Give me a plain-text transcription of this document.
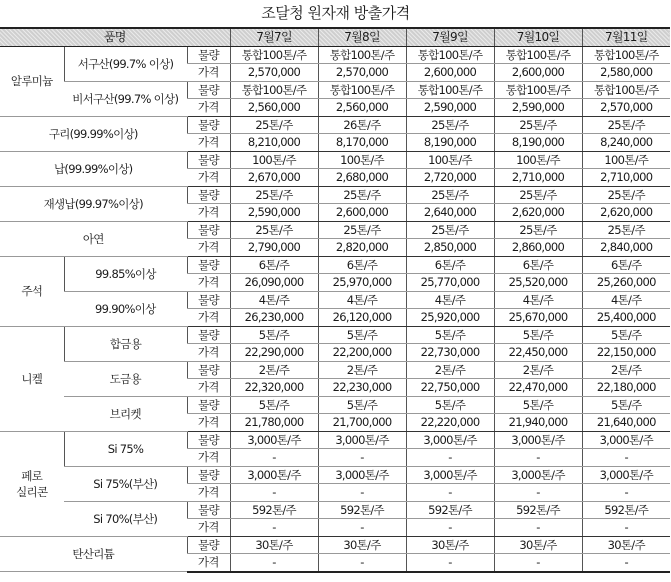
조달청 원자재 방출가격
품명			7월7일	7월8일	7월9일	7월10일	7월11일
알루미늄	서구산(99.7% 이상)	물량	통합100톤/주	통합100톤/주	통합100톤/주	통합100톤/주	통합100톤/주
		가격	2,570,000	2,570,000	2,600,000	2,600,000	2,580,000
	비서구산(99.7% 이상)	물량	통합100톤/주	통합100톤/주	통합100톤/주	통합100톤/주	통합100톤/주
		가격	2,560,000	2,560,000	2,590,000	2,590,000	2,570,000
구리(99.99%이상)		물량	25톤/주	26톤/주	25톤/주	25톤/주	25톤/주
		가격	8,210,000	8,170,000	8,190,000	8,190,000	8,240,000
납(99.99%이상)		물량	100톤/주	100톤/주	100톤/주	100톤/주	100톤/주
		가격	2,670,000	2,680,000	2,720,000	2,710,000	2,710,000
재생납(99.97%이상)		물량	25톤/주	25톤/주	25톤/주	25톤/주	25톤/주
		가격	2,590,000	2,600,000	2,640,000	2,620,000	2,620,000
아연		물량	25톤/주	25톤/주	25톤/주	25톤/주	25톤/주
		가격	2,790,000	2,820,000	2,850,000	2,860,000	2,840,000
주석	99.85%이상	물량	6톤/주	6톤/주	6톤/주	6톤/주	6톤/주
		가격	26,090,000	25,970,000	25,770,000	25,520,000	25,260,000
	99.90%이상	물량	4톤/주	4톤/주	4톤/주	4톤/주	4톤/주
		가격	26,230,000	26,120,000	25,920,000	25,670,000	25,400,000
니켈	합금용	물량	5톤/주	5톤/주	5톤/주	5톤/주	5톤/주
		가격	22,290,000	22,200,000	22,730,000	22,450,000	22,150,000
	도금용	물량	2톤/주	2톤/주	2톤/주	2톤/주	2톤/주
		가격	22,320,000	22,230,000	22,750,000	22,470,000	22,180,000
	브리켓	물량	5톤/주	5톤/주	5톤/주	5톤/주	5톤/주
		가격	21,780,000	21,700,000	22,220,000	21,940,000	21,640,000
페로
실리콘	Si 75%	물량	3,000톤/주	3,000톤/주	3,000톤/주	3,000톤/주	3,000톤/주
		가격	-	-	-	-	-
	Si 75%(부산)	물량	3,000톤/주	3,000톤/주	3,000톤/주	3,000톤/주	3,000톤/주
		가격	-	-	-	-	-
	Si 70%(부산)	물량	592톤/주	592톤/주	592톤/주	592톤/주	592톤/주
		가격	-	-	-	-	-
탄산리튬		물량	30톤/주	30톤/주	30톤/주	30톤/주	30톤/주
		가격	-	-	-	-	-
